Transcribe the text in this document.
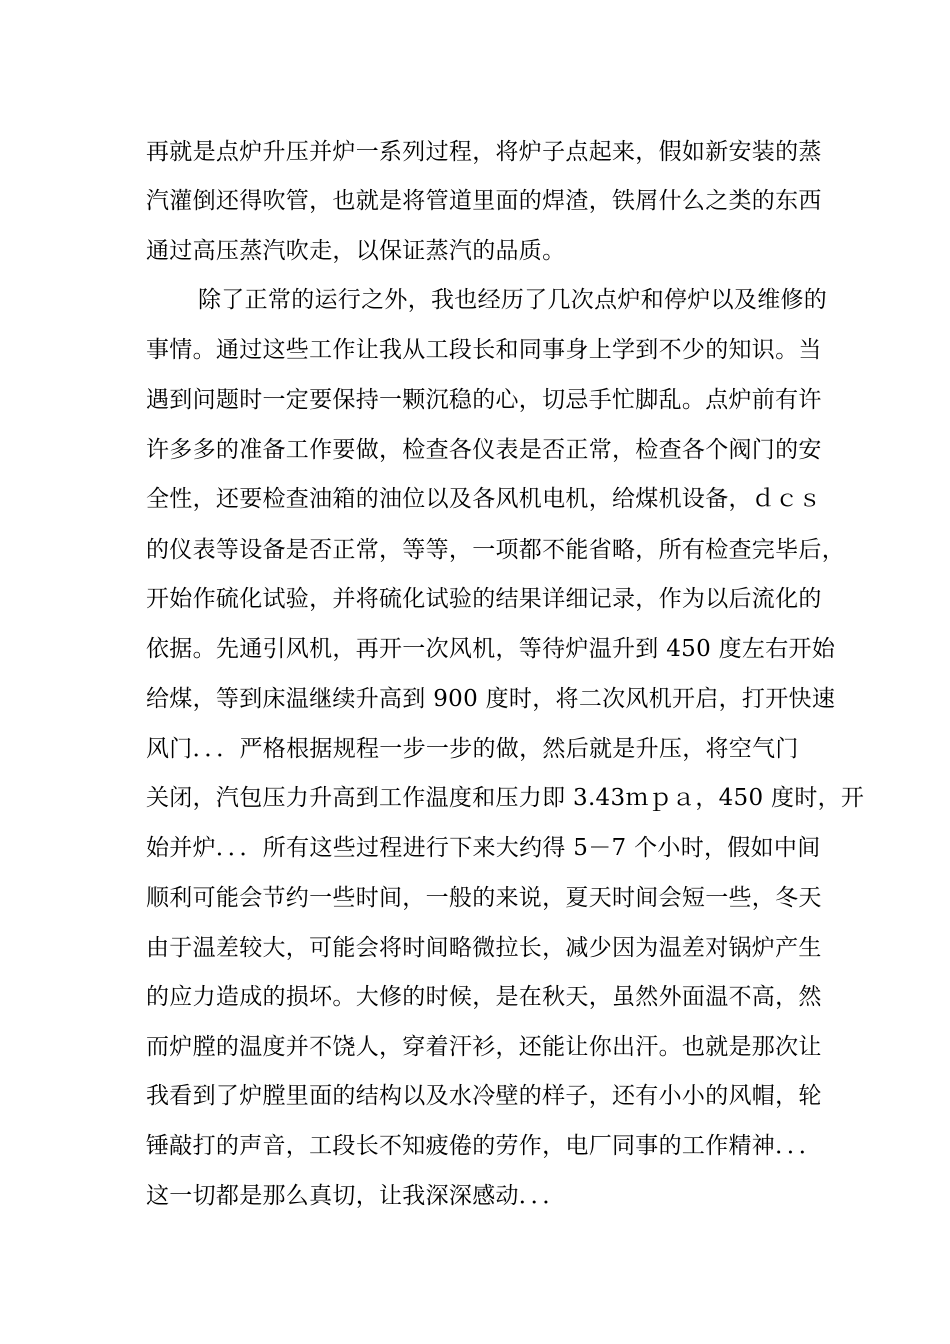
再就是点炉升压并炉一系列过程，将炉子点起来，假如新安装的蒸
汽灌倒还得吹管，也就是将管道里面的焊渣，铁屑什么之类的东西
通过高压蒸汽吹走，以保证蒸汽的品质。
除了正常的运行之外，我也经历了几次点炉和停炉以及维修的
事情。通过这些工作让我从工段长和同事身上学到不少的知识。当
遇到问题时一定要保持一颗沉稳的心，切忌手忙脚乱。点炉前有许
许多多的准备工作要做，检查各仪表是否正常，检查各个阀门的安
全性，还要检查油箱的油位以及各风机电机，给煤机设备，ｄｃｓ
的仪表等设备是否正常，等等，一项都不能省略，所有检查完毕后，
开始作硫化试验，并将硫化试验的结果详细记录，作为以后流化的
依据。先通引风机，再开一次风机，等待炉温升到 450 度左右开始
给煤，等到床温继续升高到 900 度时，将二次风机开启，打开快速
风门．．．严格根据规程一步一步的做，然后就是升压，将空气门
关闭，汽包压力升高到工作温度和压力即 3.43ｍｐａ，450 度时，开
始并炉．．．所有这些过程进行下来大约得 5－7 个小时，假如中间
顺利可能会节约一些时间，一般的来说，夏天时间会短一些，冬天
由于温差较大，可能会将时间略微拉长，减少因为温差对锅炉产生
的应力造成的损坏。大修的时候，是在秋天，虽然外面温不高，然
而炉膛的温度并不饶人，穿着汗衫，还能让你出汗。也就是那次让
我看到了炉膛里面的结构以及水冷壁的样子，还有小小的风帽，轮
锤敲打的声音，工段长不知疲倦的劳作，电厂同事的工作精神．．．
这一切都是那么真切，让我深深感动．．．
